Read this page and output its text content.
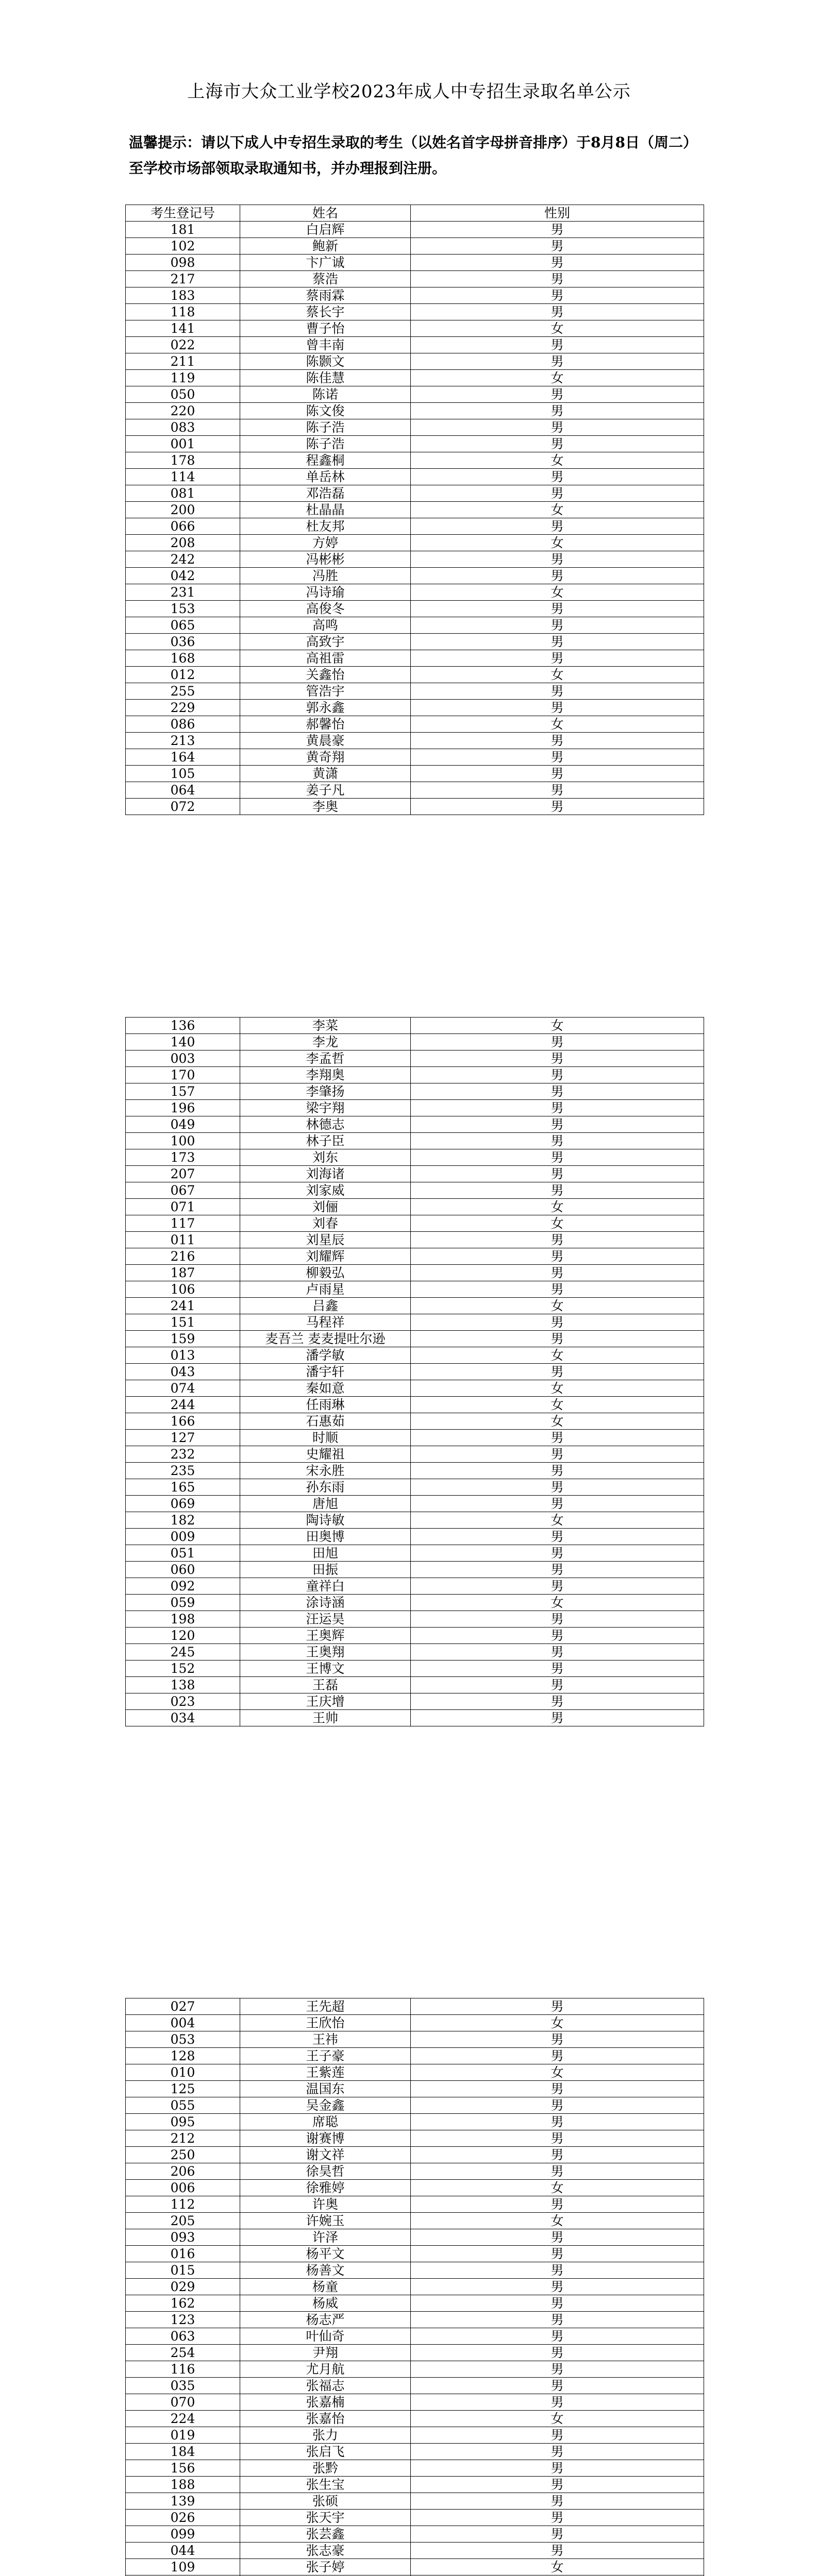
上海市大众工业学校2023年成人中专招生录取名单公示
温馨提示：请以下成人中专招生录取的考生（以姓名首字母拼音排序）于8月8日（周二）至学校市场部领取录取通知书，并办理报到注册。
考生登记号	姓名	性别
181	白启辉	男
102	鲍新	男
098	卞广诚	男
217	蔡浩	男
183	蔡雨霖	男
118	蔡长宇	男
141	曹子怡	女
022	曾丰南	男
211	陈颢文	男
119	陈佳慧	女
050	陈诺	男
220	陈文俊	男
083	陈子浩	男
001	陈子浩	男
178	程鑫桐	女
114	单岳林	男
081	邓浩磊	男
200	杜晶晶	女
066	杜友邦	男
208	方婷	女
242	冯彬彬	男
042	冯胜	男
231	冯诗瑜	女
153	高俊冬	男
065	高鸣	男
036	高致宇	男
168	高祖雷	男
012	关鑫怡	女
255	管浩宇	男
229	郭永鑫	男
086	郝馨怡	女
213	黄晨豪	男
164	黄奇翔	男
105	黄潇	男
064	姜子凡	男
072	李奥	男
136	李菜	女
140	李龙	男
003	李孟哲	男
170	李翔奥	男
157	李肇扬	男
196	梁宇翔	男
049	林德志	男
100	林子臣	男
173	刘东	男
207	刘海诸	男
067	刘家威	男
071	刘俪	女
117	刘春	女
011	刘星辰	男
216	刘耀辉	男
187	柳毅弘	男
106	卢雨星	男
241	吕鑫	女
151	马程祥	男
159	麦吾兰 麦麦提吐尔逊	男
013	潘学敏	女
043	潘宇轩	男
074	秦如意	女
244	任雨琳	女
166	石惠茹	女
127	时顺	男
232	史耀祖	男
235	宋永胜	男
165	孙东雨	男
069	唐旭	男
182	陶诗敏	女
009	田奥博	男
051	田旭	男
060	田振	男
092	童祥白	男
059	涂诗涵	女
198	汪运昊	男
120	王奥辉	男
245	王奥翔	男
152	王博文	男
138	王磊	男
023	王庆增	男
034	王帅	男
027	王先超	男
004	王欣怡	女
053	王祎	男
128	王子豪	男
010	王紫莲	女
125	温国东	男
055	吴金鑫	男
095	席聪	男
212	谢赛博	男
250	谢文祥	男
206	徐昊哲	男
006	徐雅婷	女
112	许奥	男
205	许婉玉	女
093	许泽	男
016	杨平文	男
015	杨善文	男
029	杨童	男
162	杨威	男
123	杨志严	男
063	叶仙奇	男
254	尹翔	男
116	尤月航	男
035	张福志	男
070	张嘉楠	男
224	张嘉怡	女
019	张力	男
184	张启飞	男
156	张黔	男
188	张生宝	男
139	张硕	男
026	张天宇	男
099	张芸鑫	男
044	张志豪	男
109	张子婷	女
